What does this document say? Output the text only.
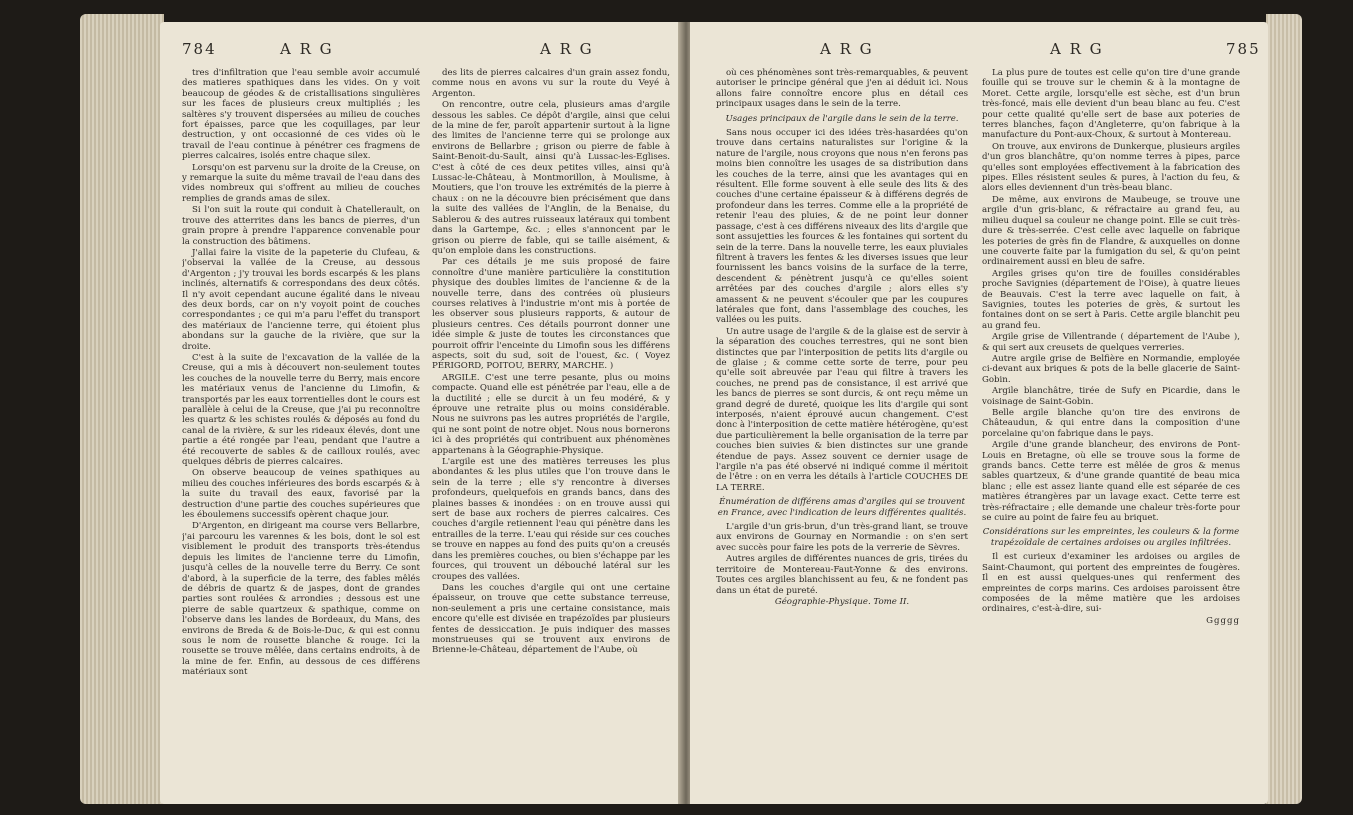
784	A R G	A R G

tres d'infiltration que l'eau semble avoir accumulé des matieres spathiques dans les vides. On y voit beaucoup de géodes & de cristallisations singulières sur les faces de plusieurs creux multipliés ; les saltères s'y trouvent dispersées au milieu de couches fort épaisses, parce que les coquillages, par leur destruction, y ont occasionné de ces vides où le travail de l'eau continue à pénétrer ces fragmens de pierres calcaires, isolés entre chaque silex.

Lorsqu'on est parvenu sur la droite de la Creuse, on y remarque la suite du même travail de l'eau dans des vides nombreux qui s'offrent au milieu de couches remplies de grands amas de silex.

Si l'on suit la route qui conduit à Chatellerault, on trouve des atterrites dans les bancs de pierres, d'un grain propre à prendre l'apparence convenable pour la construction des bâtimens.

J'allai faire la visite de la papeterie du Clufeau, & j'observai la vallée de la Creuse, au dessous d'Argenton ; j'y trouvai les bords escarpés & les plans inclinés, alternatifs & correspondans des deux côtés. Il n'y avoit cependant aucune égalité dans le niveau des deux bords, car on n'y voyoit point de couches correspondantes ; ce qui m'a paru l'effet du transport des matériaux de l'ancienne terre, qui étoient plus abondans sur la gauche de la rivière, que sur la droite.

C'est à la suite de l'excavation de la vallée de la Creuse, qui a mis à découvert non-seulement toutes les couches de la nouvelle terre du Berry, mais encore les matériaux venus de l'ancienne du Limofin, & transportés par les eaux torrentielles dont le cours est parallèle à celui de la Creuse, que j'ai pu reconnoître les quartz & les schistes roulés & déposés au fond du canal de la rivière, & sur les rideaux élevés, dont une partie a été rongée par l'eau, pendant que l'autre a été recouverte de sables & de cailloux roulés, avec quelques débris de pierres calcaires.

On observe beaucoup de veines spathiques au milieu des couches inférieures des bords escarpés & à la suite du travail des eaux, favorisé par la destruction d'une partie des couches supérieures que les éboulemens successifs opèrent chaque jour.

D'Argenton, en dirigeant ma course vers Bellarbre, j'ai parcouru les varennes & les bois, dont le sol est visiblement le produit des transports très-étendus depuis les limites de l'ancienne terre du Limofin, jusqu'à celles de la nouvelle terre du Berry. Ce sont d'abord, à la superficie de la terre, des fables mêlés de débris de quartz & de jaspes, dont de grandes parties sont roulées & arrondies ; dessous est une pierre de sable quartzeux & spathique, comme on l'observe dans les landes de Bordeaux, du Mans, des environs de Breda & de Bois-le-Duc, & qui est connu sous le nom de rousette blanche & rouge. Ici la rousette se trouve mêlée, dans certains endroits, à de la mine de fer. Enfin, au dessous de ces différens matériaux sont

des lits de pierres calcaires d'un grain assez fondu, comme nous en avons vu sur la route du Veyé à Argenton.

On rencontre, outre cela, plusieurs amas d'argile dessous les sables. Ce dépôt d'argile, ainsi que celui de la mine de fer, paroît appartenir surtout à la ligne des limites de l'ancienne terre qui se prolonge aux environs de Bellarbre ; grison ou pierre de fable à Saint-Benoit-du-Sault, ainsi qu'à Lussac-les-Eglises. C'est à côté de ces deux petites villes, ainsi qu'à Lussac-le-Château, à Montmorillon, à Moulisme, à Moutiers, que l'on trouve les extrémités de la pierre à chaux : on ne la découvre bien précisément que dans la suite des vallées de l'Anglin, de la Benaise, du Sablerou & des autres ruisseaux latéraux qui tombent dans la Gartempe, &c. ; elles s'annoncent par le grison ou pierre de fable, qui se taille aisément, & qu'on emploie dans les constructions.

Par ces détails je me suis proposé de faire connoître d'une manière particulière la constitution physique des doubles limites de l'ancienne & de la nouvelle terre, dans des contrées où plusieurs courses relatives à l'industrie m'ont mis à portée de les observer sous plusieurs rapports, & autour de plusieurs centres. Ces détails pourront donner une idée simple & juste de toutes les circonstances que pourroit offrir l'enceinte du Limofin sous les différens aspects, soit du sud, soit de l'ouest, &c. ( Voyez PÉRIGORD, POITOU, BERRY, MARCHE. )

ARGILE. C'est une terre pesante, plus ou moins compacte. Quand elle est pénétrée par l'eau, elle a de la ductilité ; elle se durcit à un feu modéré, & y éprouve une retraite plus ou moins considérable. Nous ne suivrons pas les autres propriétés de l'argile, qui ne sont point de notre objet. Nous nous bornerons ici à des propriétés qui contribuent aux phénomènes appartenans à la Géographie-Physique.

L'argile est une des matières terreuses les plus abondantes & les plus utiles que l'on trouve dans le sein de la terre ; elle s'y rencontre à diverses profondeurs, quelquefois en grands bancs, dans des plaines basses & inondées : on en trouve aussi qui sert de base aux rochers de pierres calcaires. Ces couches d'argile retiennent l'eau qui pénètre dans les entrailles de la terre. L'eau qui réside sur ces couches se trouve en nappes au fond des puits qu'on a creusés dans les premières couches, ou bien s'échappe par les fources, qui trouvent un débouché latéral sur les croupes des vallées.

Dans les couches d'argile qui ont une certaine épaisseur, on trouve que cette substance terreuse, non-seulement a pris une certaine consistance, mais encore qu'elle est divisée en trapézoïdes par plusieurs fentes de dessiccation. Je puis indiquer des masses monstrueuses qui se trouvent aux environs de Brienne-le-Château, département de l'Aube, où

A R G	A R G	785

où ces phénomènes sont très-remarquables, & peuvent autoriser le principe général que j'en ai déduit ici. Nous allons faire connoître encore plus en détail ces principaux usages dans le sein de la terre.

Usages principaux de l'argile dans le sein de la terre.

Sans nous occuper ici des idées très-hasardées qu'on trouve dans certains naturalistes sur l'origine & la nature de l'argile, nous croyons que nous n'en ferons pas moins bien connoître les usages de sa distribution dans les couches de la terre, ainsi que les avantages qui en résultent. Elle forme souvent à elle seule des lits & des couches d'une certaine épaisseur & à différens degrés de profondeur dans les terres. Comme elle a la propriété de retenir l'eau des pluies, & de ne point leur donner passage, c'est à ces différens niveaux des lits d'argile que sont assujetties les fources & les fontaines qui sortent du sein de la terre. Dans la nouvelle terre, les eaux pluviales filtrent à travers les fentes & les diverses issues que leur fournissent les bancs voisins de la surface de la terre, descendent & pénètrent jusqu'à ce qu'elles soient arrêtées par des couches d'argile ; alors elles s'y amassent & ne peuvent s'écouler que par les coupures latérales que font, dans l'assemblage des couches, les vallées ou les puits.

Un autre usage de l'argile & de la glaise est de servir à la séparation des couches terrestres, qui ne sont bien distinctes que par l'interposition de petits lits d'argile ou de glaise ; & comme cette sorte de terre, pour peu qu'elle soit abreuvée par l'eau qui filtre à travers les couches, ne prend pas de consistance, il est arrivé que les bancs de pierres se sont durcis, & ont reçu même un grand degré de dureté, quoique les lits d'argile qui sont interposés, n'aient éprouvé aucun changement. C'est donc à l'interposition de cette matière hétérogène, qu'est due particulièrement la belle organisation de la terre par couches bien suivies & bien distinctes sur une grande étendue de pays. Assez souvent ce dernier usage de l'argile n'a pas été observé ni indiqué comme il méritoit de l'être : on en verra les détails à l'article COUCHES DE LA TERRE.

Énumération de différens amas d'argiles qui se trouvent en France, avec l'indication de leurs différentes qualités.

L'argile d'un gris-brun, d'un très-grand liant, se trouve aux environs de Gournay en Normandie : on s'en sert avec succès pour faire les pots de la verrerie de Sèvres.

Autres argiles de différentes nuances de gris, tirées du territoire de Montereau-Faut-Yonne & des environs. Toutes ces argiles blanchissent au feu, & ne fondent pas dans un état de pureté.

Géographie-Physique. Tome II.

La plus pure de toutes est celle qu'on tire d'une grande fouille qui se trouve sur le chemin & à la montagne de Moret. Cette argile, lorsqu'elle est sèche, est d'un brun très-foncé, mais elle devient d'un beau blanc au feu. C'est pour cette qualité qu'elle sert de base aux poteries de terres blanches, façon d'Angleterre, qu'on fabrique à la manufacture du Pont-aux-Choux, & surtout à Montereau.

On trouve, aux environs de Dunkerque, plusieurs argiles d'un gros blanchâtre, qu'on nomme terres à pipes, parce qu'elles sont employées effectivement à la fabrication des pipes. Elles résistent seules & pures, à l'action du feu, & alors elles deviennent d'un très-beau blanc.

De même, aux environs de Maubeuge, se trouve une argile d'un gris-blanc, & réfractaire au grand feu, au milieu duquel sa couleur ne change point. Elle se cuit très-dure & très-serrée. C'est celle avec laquelle on fabrique les poteries de grès fin de Flandre, & auxquelles on donne une couverte faite par la fumigation du sel, & qu'on peint ordinairement aussi en bleu de safre.

Argiles grises qu'on tire de fouilles considérables proche Savignies (département de l'Oise), à quatre lieues de Beauvais. C'est la terre avec laquelle on fait, à Savignies, toutes les poteries de grès, & surtout les fontaines dont on se sert à Paris. Cette argile blanchit peu au grand feu.

Argile grise de Villentrande ( département de l'Aube ), & qui sert aux creusets de quelques verreries.

Autre argile grise de Belfière en Normandie, employée ci-devant aux briques & pots de la belle glacerie de Saint-Gobin.

Argile blanchâtre, tirée de Sufy en Picardie, dans le voisinage de Saint-Gobin.

Belle argile blanche qu'on tire des environs de Châteaudun, & qui entre dans la composition d'une porcelaine qu'on fabrique dans le pays.

Argile d'une grande blancheur, des environs de Pont-Louis en Bretagne, où elle se trouve sous la forme de grands bancs. Cette terre est mêlée de gros & menus sables quartzeux, & d'une grande quantité de beau mica blanc ; elle est assez liante quand elle est séparée de ces matières étrangères par un lavage exact. Cette terre est très-réfractaire ; elle demande une chaleur très-forte pour se cuire au point de faire feu au briquet.

Considérations sur les empreintes, les couleurs & la forme trapézoïdale de certaines ardoises ou argiles infiltrées.

Il est curieux d'examiner les ardoises ou argiles de Saint-Chaumont, qui portent des empreintes de fougères. Il en est aussi quelques-unes qui renferment des empreintes de corps marins. Ces ardoises paroissent être composées de la même matière que les ardoises ordinaires, c'est-à-dire, sui-

Ggggg
